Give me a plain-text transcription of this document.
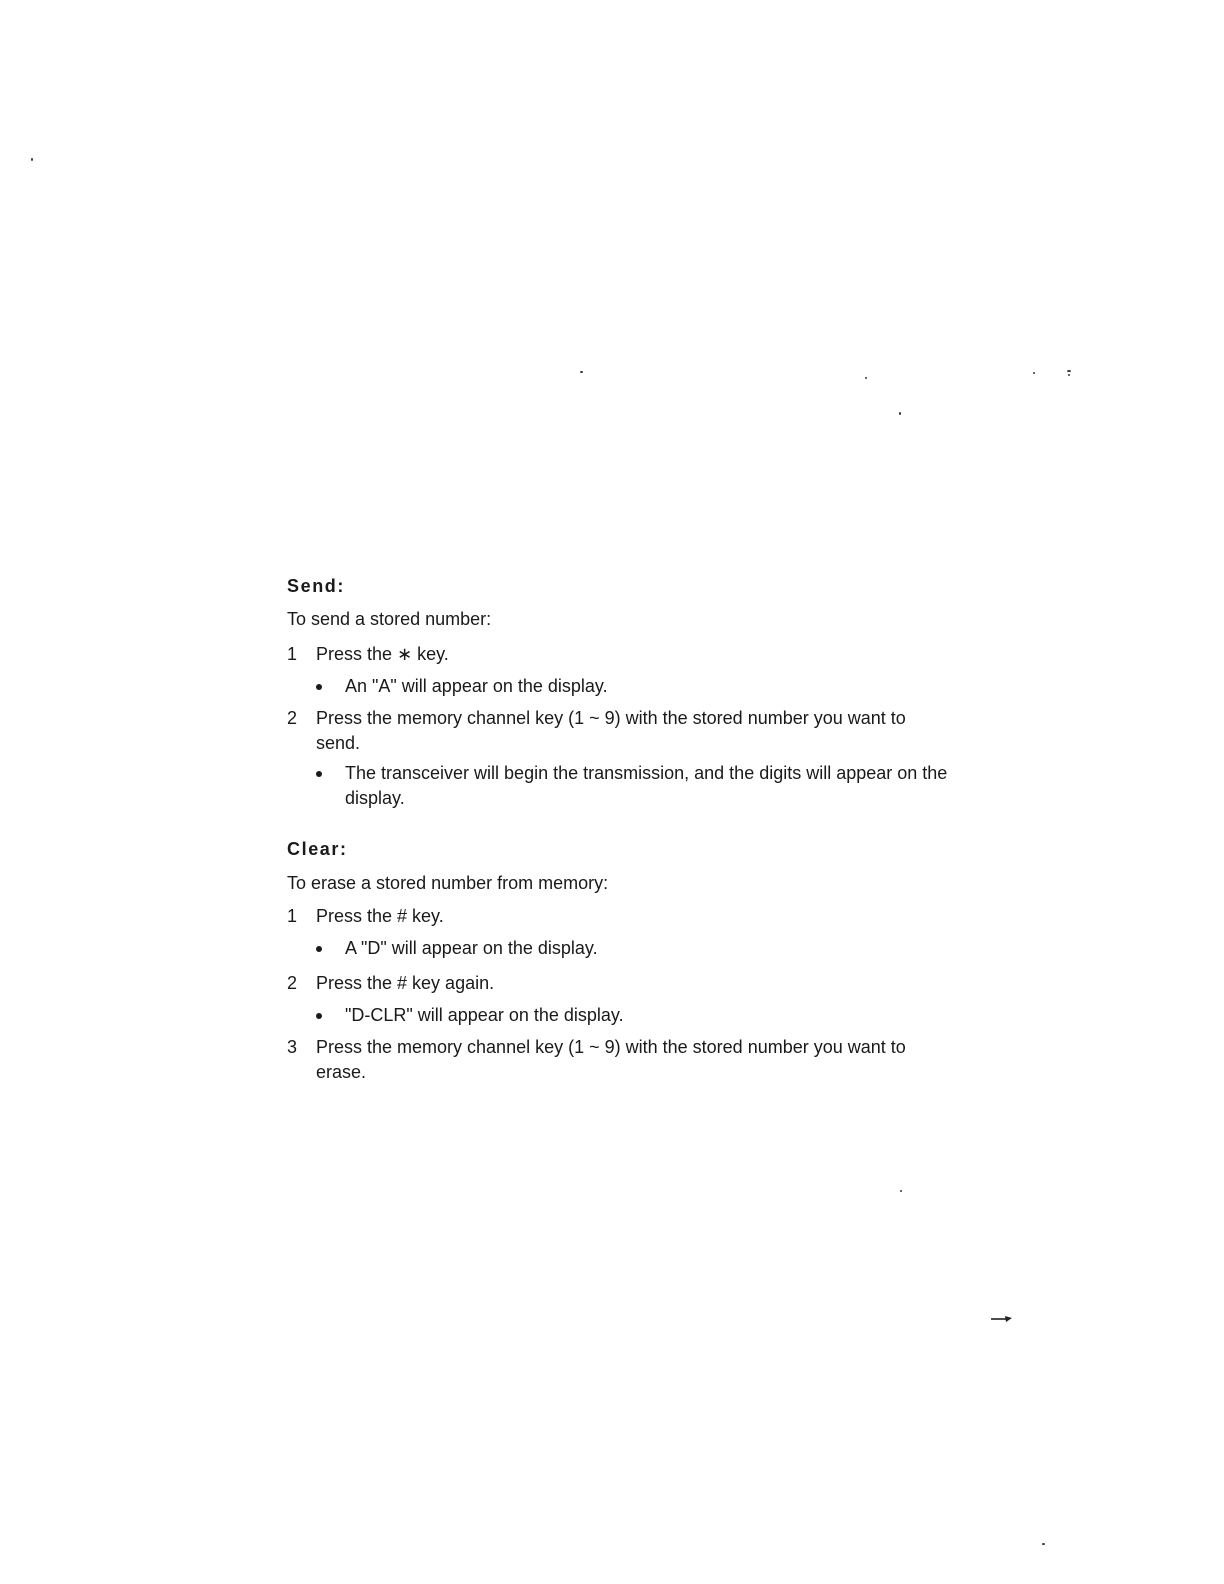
Send:

To send a stored number:

1	Press the ∗ key.
An "A" will appear on the display.
2	Press the memory channel key (1 ~ 9) with the stored number you want to send.
The transceiver will begin the transmission, and the digits will appear on the display.
Clear:

To erase a stored number from memory:

1	Press the # key.
A "D" will appear on the display.
2	Press the # key again.
"D-CLR" will appear on the display.
3	Press the memory channel key (1 ~ 9) with the stored number you want to erase.
